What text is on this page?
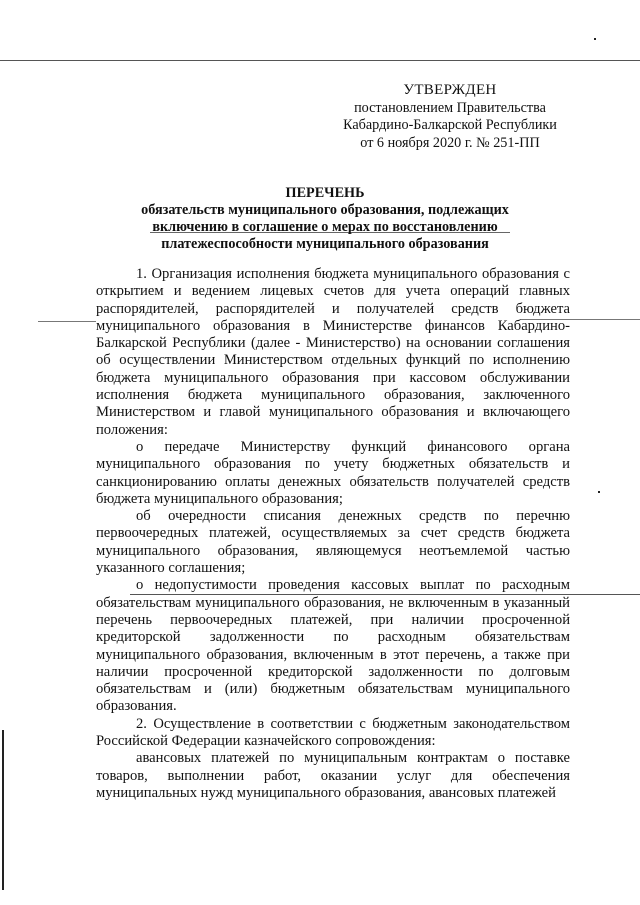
УТВЕРЖДЕН
постановлением Правительства
Кабардино-Балкарской Республики
от 6 ноября 2020 г. № 251-ПП
ПЕРЕЧЕНЬ
обязательств муниципального образования, подлежащих включению в соглашение о мерах по восстановлению платежеспособности муниципального образования

1. Организация исполнения бюджета муниципального образования с открытием и ведением лицевых счетов для учета операций главных распорядителей, распорядителей и получателей средств бюджета муниципального образования в Министерстве финансов Кабардино-Балкарской Республики (далее - Министерство) на основании соглашения об осуществлении Министерством отдельных функций по исполнению бюджета муниципального образования при кассовом обслуживании исполнения бюджета муниципального образования, заключенного Министерством и главой муниципального образования и включающего положения:

о передаче Министерству функций финансового органа муниципального образования по учету бюджетных обязательств и санкционированию оплаты денежных обязательств получателей средств бюджета муниципального образования;

об очередности списания денежных средств по перечню первоочередных платежей, осуществляемых за счет средств бюджета муниципального образования, являющемуся неотъемлемой частью указанного соглашения;

о недопустимости проведения кассовых выплат по расходным обязательствам муниципального образования, не включенным в указанный перечень первоочередных платежей, при наличии просроченной кредиторской задолженности по расходным обязательствам муниципального образования, включенным в этот перечень, а также при наличии просроченной кредиторской задолженности по долговым обязательствам и (или) бюджетным обязательствам муниципального образования.

2. Осуществление в соответствии с бюджетным законодательством Российской Федерации казначейского сопровождения:

авансовых платежей по муниципальным контрактам о поставке товаров, выполнении работ, оказании услуг для обеспечения муниципальных нужд муниципального образования, авансовых платежей
